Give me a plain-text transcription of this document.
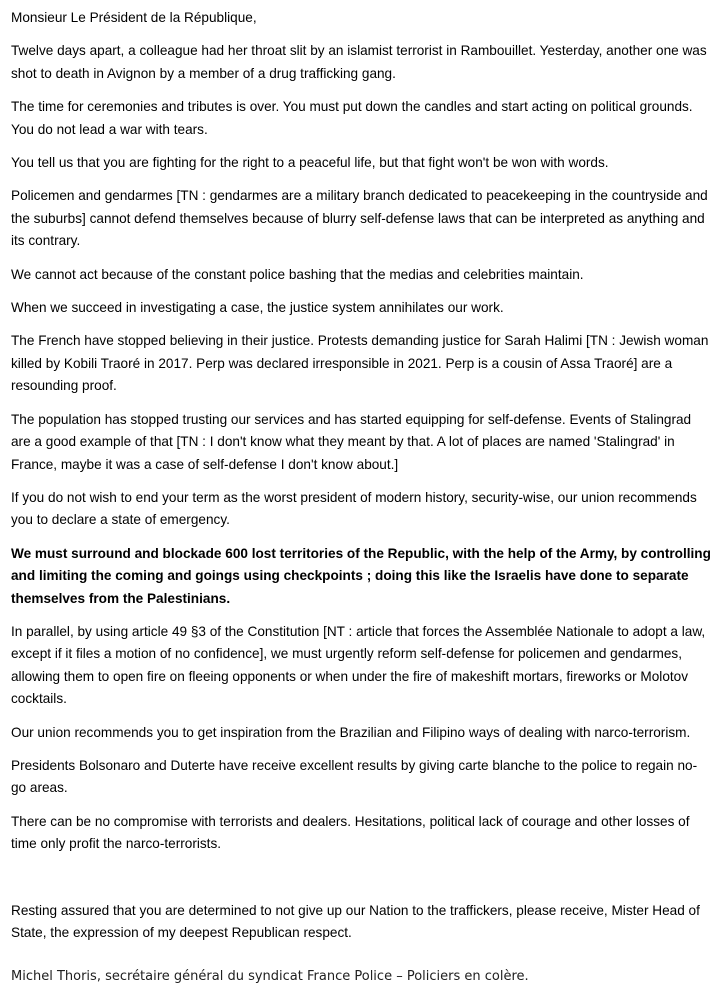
Monsieur Le Président de la République,

Twelve days apart, a colleague had her throat slit by an islamist terrorist in Rambouillet. Yesterday, another one was shot to death in Avignon by a member of a drug trafficking gang.

The time for ceremonies and tributes is over. You must put down the candles and start acting on political grounds. You do not lead a war with tears.

You tell us that you are fighting for the right to a peaceful life, but that fight won't be won with words.

Policemen and gendarmes [TN : gendarmes are a military branch dedicated to peacekeeping in the countryside and the suburbs] cannot defend themselves because of blurry self-defense laws that can be interpreted as anything and its contrary.

We cannot act because of the constant police bashing that the medias and celebrities maintain.

When we succeed in investigating a case, the justice system annihilates our work.

The French have stopped believing in their justice. Protests demanding justice for Sarah Halimi [TN : Jewish woman killed by Kobili Traoré in 2017. Perp was declared irresponsible in 2021. Perp is a cousin of Assa Traoré] are a resounding proof.

The population has stopped trusting our services and has started equipping for self-defense. Events of Stalingrad are a good example of that [TN : I don't know what they meant by that. A lot of places are named 'Stalingrad' in France, maybe it was a case of self-defense I don't know about.]

If you do not wish to end your term as the worst president of modern history, security-wise, our union recommends you to declare a state of emergency.

We must surround and blockade 600 lost territories of the Republic, with the help of the Army, by controlling and limiting the coming and goings using checkpoints ; doing this like the Israelis have done to separate themselves from the Palestinians.

In parallel, by using article 49 §3 of the Constitution [NT : article that forces the Assemblée Nationale to adopt a law, except if it files a motion of no confidence], we must urgently reform self-defense for policemen and gendarmes, allowing them to open fire on fleeing opponents or when under the fire of makeshift mortars, fireworks or Molotov cocktails.

Our union recommends you to get inspiration from the Brazilian and Filipino ways of dealing with narco-terrorism.

Presidents Bolsonaro and Duterte have receive excellent results by giving carte blanche to the police to regain no-go areas.

There can be no compromise with terrorists and dealers. Hesitations, political lack of courage and other losses of time only profit the narco-terrorists.

Resting assured that you are determined to not give up our Nation to the traffickers, please receive, Mister Head of State, the expression of my deepest Republican respect.

Michel Thoris, secrétaire général du syndicat France Police – Policiers en colère.
